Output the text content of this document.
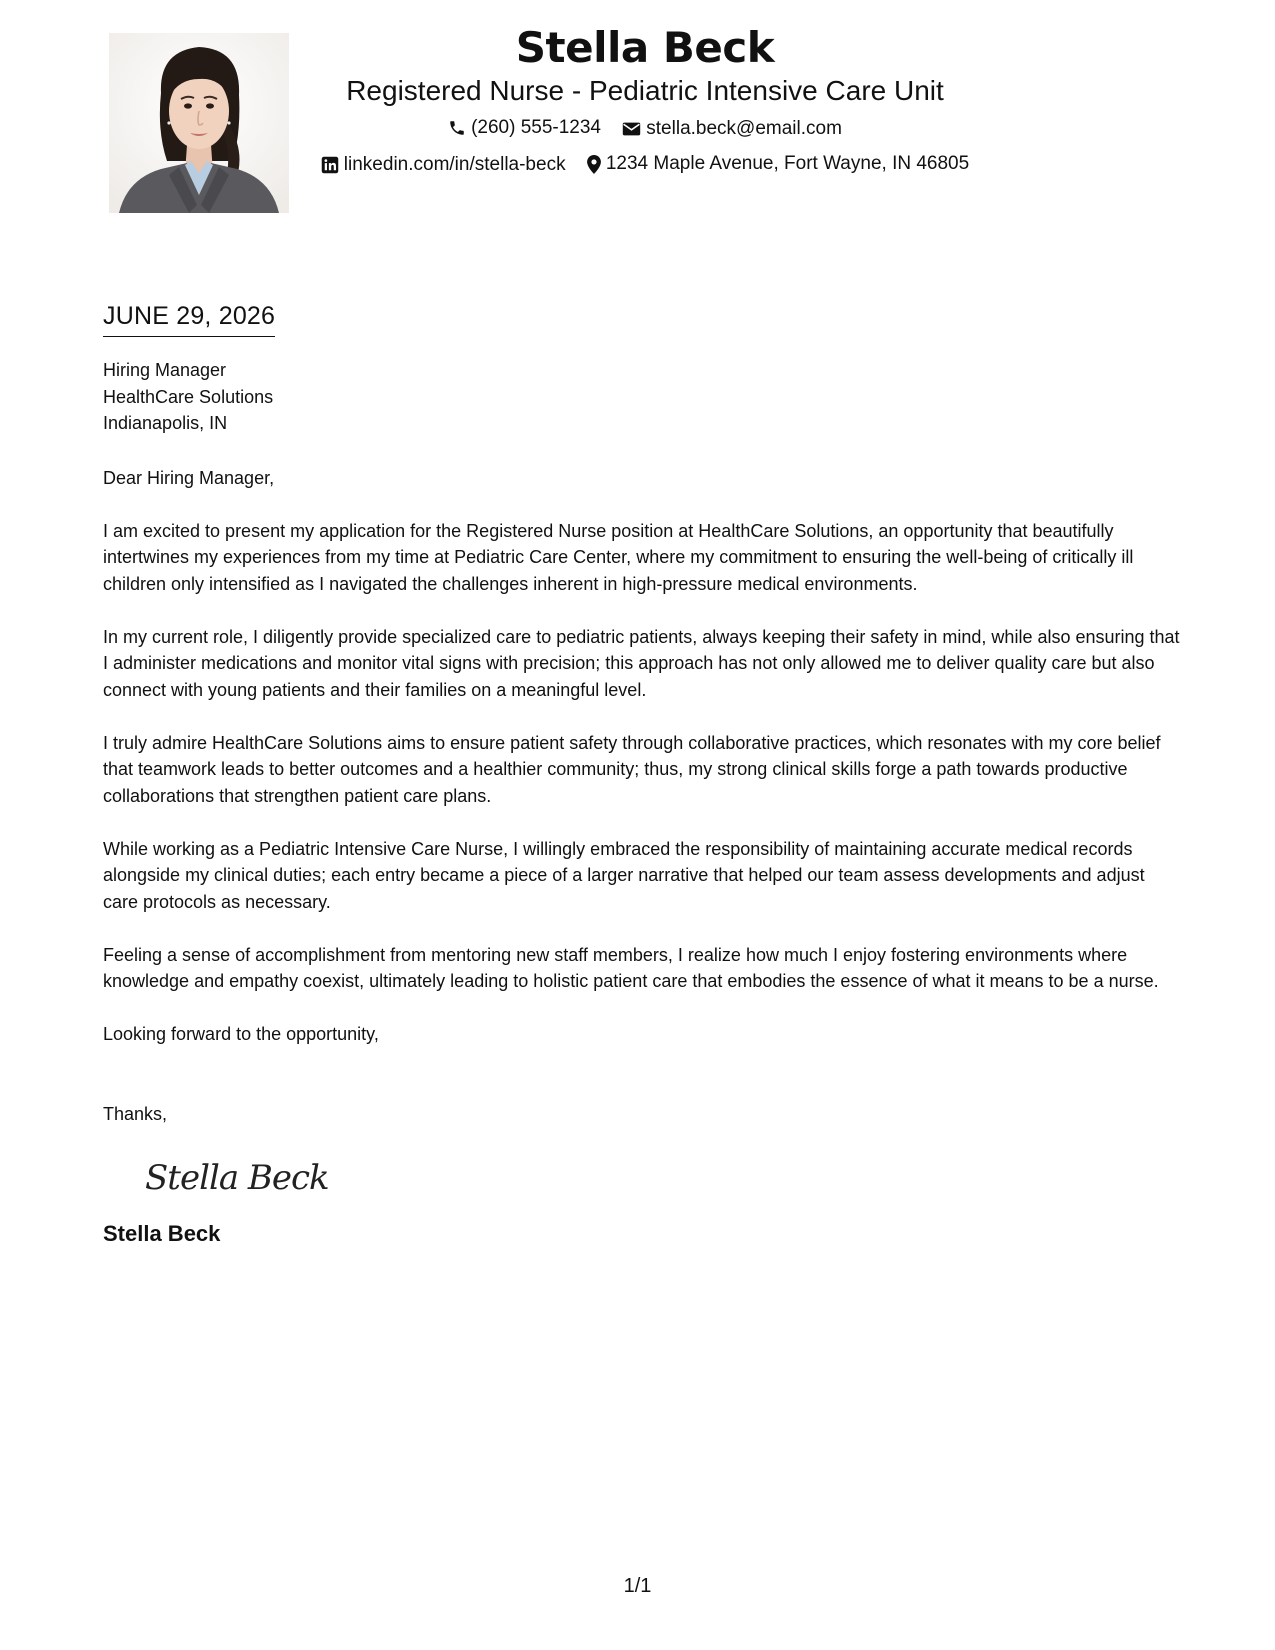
Stella Beck
Registered Nurse - Pediatric Intensive Care Unit
(260) 555-1234
stella.beck@email.com
linkedin.com/in/stella-beck
1234 Maple Avenue, Fort Wayne, IN 46805
JUNE 29, 2026
Hiring Manager
HealthCare Solutions
Indianapolis, IN
Dear Hiring Manager,
I am excited to present my application for the Registered Nurse position at HealthCare Solutions, an opportunity that beautifully intertwines my experiences from my time at Pediatric Care Center, where my commitment to ensuring the well-being of critically ill children only intensified as I navigated the challenges inherent in high-pressure medical environments.
In my current role, I diligently provide specialized care to pediatric patients, always keeping their safety in mind, while also ensuring that I administer medications and monitor vital signs with precision; this approach has not only allowed me to deliver quality care but also connect with young patients and their families on a meaningful level.
I truly admire HealthCare Solutions aims to ensure patient safety through collaborative practices, which resonates with my core belief that teamwork leads to better outcomes and a healthier community; thus, my strong clinical skills forge a path towards productive collaborations that strengthen patient care plans.
While working as a Pediatric Intensive Care Nurse, I willingly embraced the responsibility of maintaining accurate medical records alongside my clinical duties; each entry became a piece of a larger narrative that helped our team assess developments and adjust care protocols as necessary.
Feeling a sense of accomplishment from mentoring new staff members, I realize how much I enjoy fostering environments where knowledge and empathy coexist, ultimately leading to holistic patient care that embodies the essence of what it means to be a nurse.
Looking forward to the opportunity,
Thanks,
Stella Beck
Stella Beck
1/1
